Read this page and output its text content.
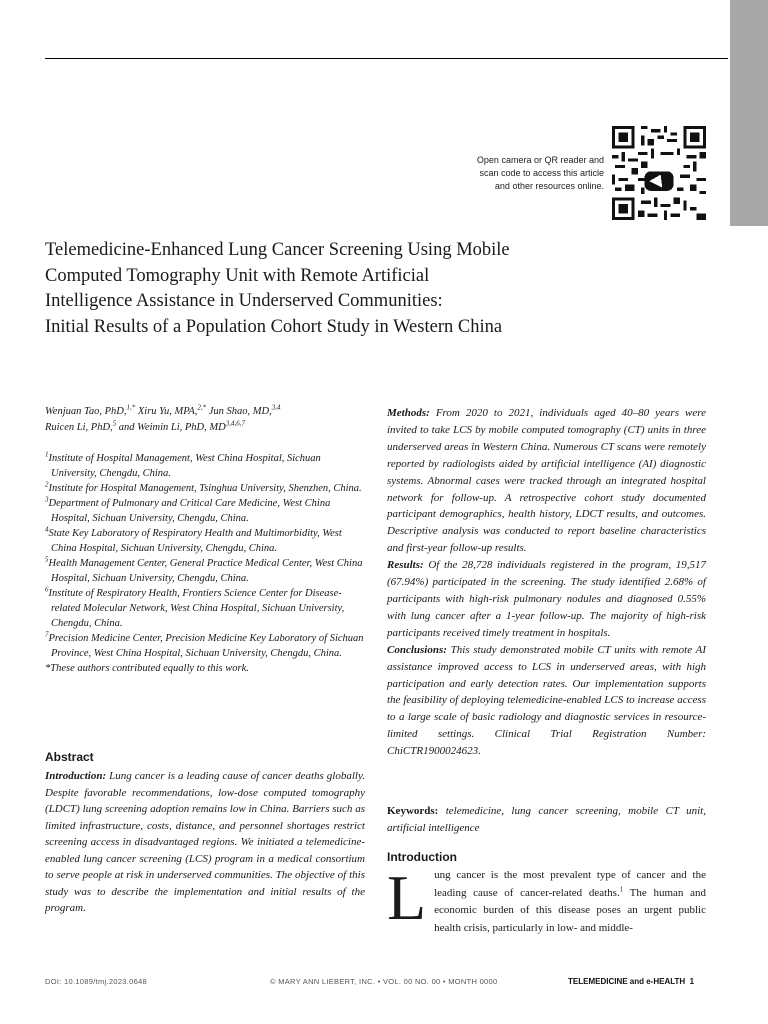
Open camera or QR reader and
scan code to access this article
and other resources online.
Telemedicine-Enhanced Lung Cancer Screening Using Mobile
Computed Tomography Unit with Remote Artificial
Intelligence Assistance in Underserved Communities:
Initial Results of a Population Cohort Study in Western China
Wenjuan Tao, PhD,$^{1,*}$ Xiru Yu, MPA,$^{2,*}$ Jun Shao, MD,$^{3,4}$
Ruicen Li, PhD,$^5$ and Weimin Li, PhD, MD$^{3,4,6,7}$
$^1$Institute of Hospital Management, West China Hospital, Sichuan University, Chengdu, China.
$^2$Institute for Hospital Management, Tsinghua University, Shenzhen, China.
$^3$Department of Pulmonary and Critical Care Medicine, West China Hospital, Sichuan University, Chengdu, China.
$^4$State Key Laboratory of Respiratory Health and Multimorbidity, West China Hospital, Sichuan University, Chengdu, China.
$^5$Health Management Center, General Practice Medical Center, West China Hospital, Sichuan University, Chengdu, China.
$^6$Institute of Respiratory Health, Frontiers Science Center for Disease-related Molecular Network, West China Hospital, Sichuan University, Chengdu, China.
$^7$Precision Medicine Center, Precision Medicine Key Laboratory of Sichuan Province, West China Hospital, Sichuan University, Chengdu, China.
*These authors contributed equally to this work.
Abstract
Introduction: Lung cancer is a leading cause of cancer deaths globally. Despite favorable recommendations, low-dose computed tomography (LDCT) lung screening adoption remains low in China. Barriers such as limited infrastructure, costs, distance, and personnel shortages restrict screening access in disadvantaged regions. We initiated a telemedicine-enabled lung cancer screening (LCS) program in a medical consortium to serve people at risk in underserved communities. The objective of this study was to describe the implementation and initial results of the program.
Methods: From 2020 to 2021, individuals aged 40–80 years were invited to take LCS by mobile computed tomography (CT) units in three underserved areas in Western China. Numerous CT scans were remotely reported by radiologists aided by artificial intelligence (AI) diagnostic systems. Abnormal cases were tracked through an integrated hospital network for follow-up. A retrospective cohort study documented participant demographics, health history, LDCT results, and outcomes. Descriptive analysis was conducted to report baseline characteristics and first-year follow-up results.
Results: Of the 28,728 individuals registered in the program, 19,517 (67.94%) participated in the screening. The study identified 2.68% of participants with high-risk pulmonary nodules and diagnosed 0.55% with lung cancer after a 1-year follow-up. The majority of high-risk participants received timely treatment in hospitals.
Conclusions: This study demonstrated mobile CT units with remote AI assistance improved access to LCS in underserved areas, with high participation and early detection rates. Our implementation supports the feasibility of deploying telemedicine-enabled LCS to increase access to a large scale of basic radiology and diagnostic services in resource-limited settings. Clinical Trial Registration Number: ChiCTR1900024623.
Keywords: telemedicine, lung cancer screening, mobile CT unit, artificial intelligence
Introduction
Lung cancer is the most prevalent type of cancer and the leading cause of cancer-related deaths.$^1$ The human and economic burden of this disease poses an urgent public health crisis, particularly in low- and middle-
DOI: 10.1089/tmj.2023.0648	© MARY ANN LIEBERT, INC. • VOL. 00 NO. 00 • MONTH 0000	TELEMEDICINE and e-HEALTH 1
